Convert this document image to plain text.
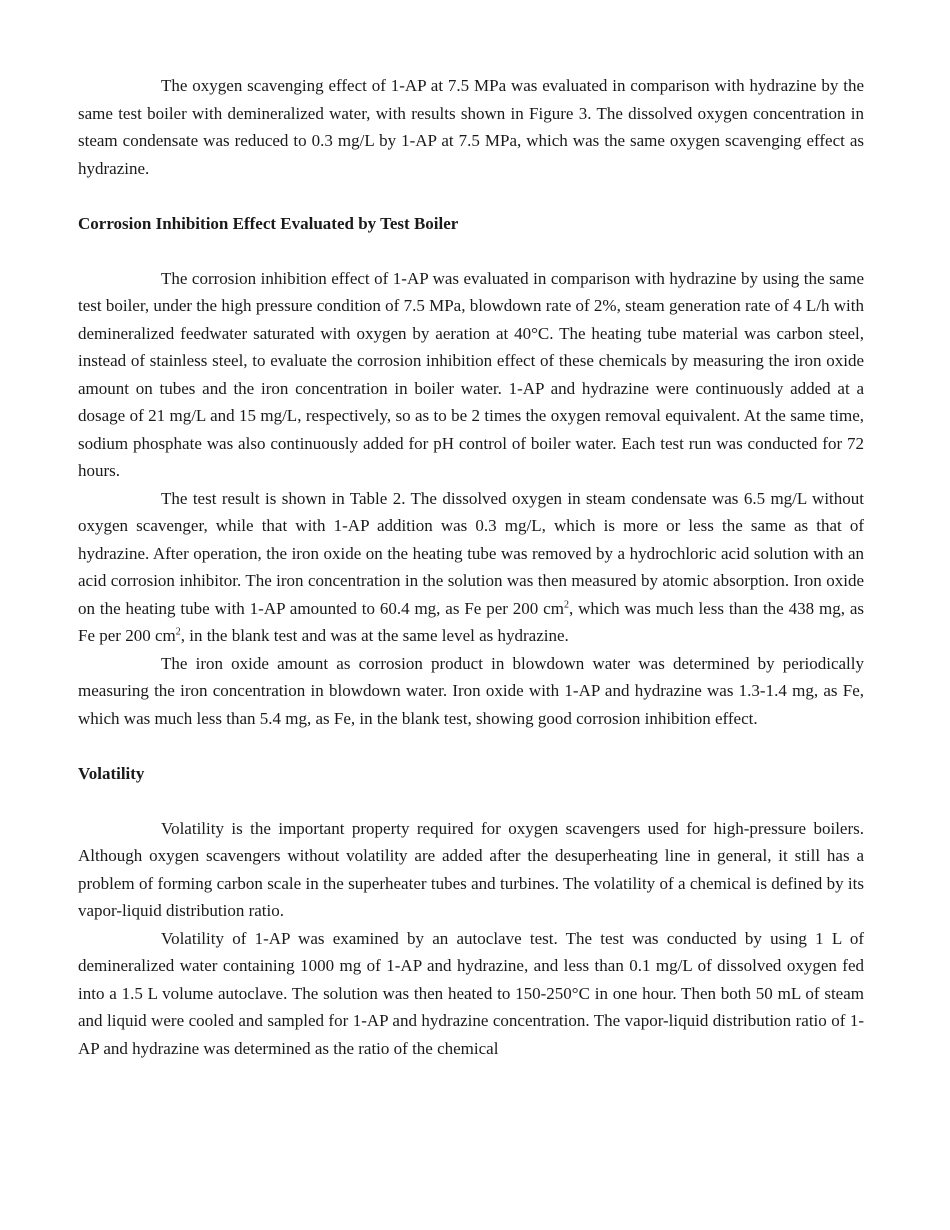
The oxygen scavenging effect of 1-AP at 7.5 MPa was evaluated in comparison with hydrazine by the same test boiler with demineralized water, with results shown in Figure 3. The dissolved oxygen concentration in steam condensate was reduced to 0.3 mg/L by 1-AP at 7.5 MPa, which was the same oxygen scavenging effect as hydrazine.

Corrosion Inhibition Effect Evaluated by Test Boiler

The corrosion inhibition effect of 1-AP was evaluated in comparison with hydrazine by using the same test boiler, under the high pressure condition of 7.5 MPa, blowdown rate of 2%, steam generation rate of 4 L/h with demineralized feedwater saturated with oxygen by aeration at 40°C. The heating tube material was carbon steel, instead of stainless steel, to evaluate the corrosion inhibition effect of these chemicals by measuring the iron oxide amount on tubes and the iron concentration in boiler water. 1-AP and hydrazine were continuously added at a dosage of 21 mg/L and 15 mg/L, respectively, so as to be 2 times the oxygen removal equivalent. At the same time, sodium phosphate was also continuously added for pH control of boiler water. Each test run was conducted for 72 hours.

The test result is shown in Table 2. The dissolved oxygen in steam condensate was 6.5 mg/L without oxygen scavenger, while that with 1-AP addition was 0.3 mg/L, which is more or less the same as that of hydrazine. After operation, the iron oxide on the heating tube was removed by a hydrochloric acid solution with an acid corrosion inhibitor. The iron concentration in the solution was then measured by atomic absorption. Iron oxide on the heating tube with 1-AP amounted to 60.4 mg, as Fe per 200 $cm^2$, which was much less than the 438 mg, as Fe per 200 $cm^2$, in the blank test and was at the same level as hydrazine.

The iron oxide amount as corrosion product in blowdown water was determined by periodically measuring the iron concentration in blowdown water. Iron oxide with 1-AP and hydrazine was 1.3-1.4 mg, as Fe, which was much less than 5.4 mg, as Fe, in the blank test, showing good corrosion inhibition effect.

Volatility

Volatility is the important property required for oxygen scavengers used for high-pressure boilers. Although oxygen scavengers without volatility are added after the desuperheating line in general, it still has a problem of forming carbon scale in the superheater tubes and turbines. The volatility of a chemical is defined by its vapor-liquid distribution ratio.

Volatility of 1-AP was examined by an autoclave test. The test was conducted by using 1 L of demineralized water containing 1000 mg of 1-AP and hydrazine, and less than 0.1 mg/L of dissolved oxygen fed into a 1.5 L volume autoclave. The solution was then heated to 150-250°C in one hour. Then both 50 mL of steam and liquid were cooled and sampled for 1-AP and hydrazine concentration. The vapor-liquid distribution ratio of 1-AP and hydrazine was determined as the ratio of the chemical
